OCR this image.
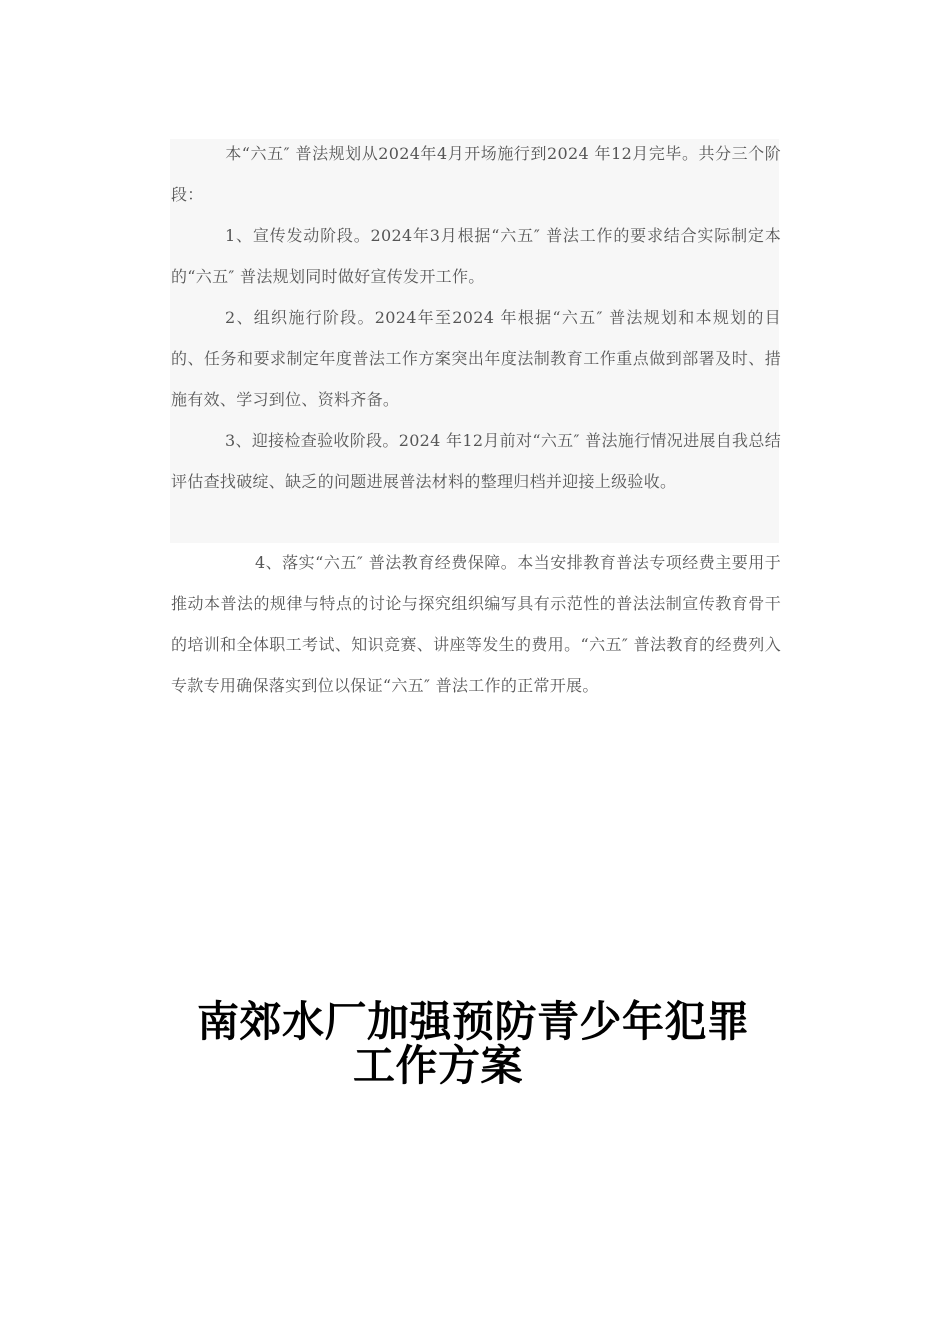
本“六五″ 普法规划从2024年4月开场施行到2024 年12月完毕。共分三个阶段：

1、宣传发动阶段。2024年3月根据“六五″ 普法工作的要求结合实际制定本的“六五″ 普法规划同时做好宣传发开工作。

2、组织施行阶段。2024年至2024 年根据“六五″ 普法规划和本规划的目的、任务和要求制定年度普法工作方案突出年度法制教育工作重点做到部署及时、措施有效、学习到位、资料齐备。

3、迎接检查验收阶段。2024 年12月前对“六五″ 普法施行情况进展自我总结评估查找破绽、缺乏的问题进展普法材料的整理归档并迎接上级验收。

4、落实“六五″ 普法教育经费保障。本当安排教育普法专项经费主要用于推动本普法的规律与特点的讨论与探究组织编写具有示范性的普法法制宣传教育骨干的培训和全体职工考试、知识竞赛、讲座等发生的费用。“六五″ 普法教育的经费列入专款专用确保落实到位以保证“六五″ 普法工作的正常开展。

南郊水厂加强预防青少年犯罪
工作方案
